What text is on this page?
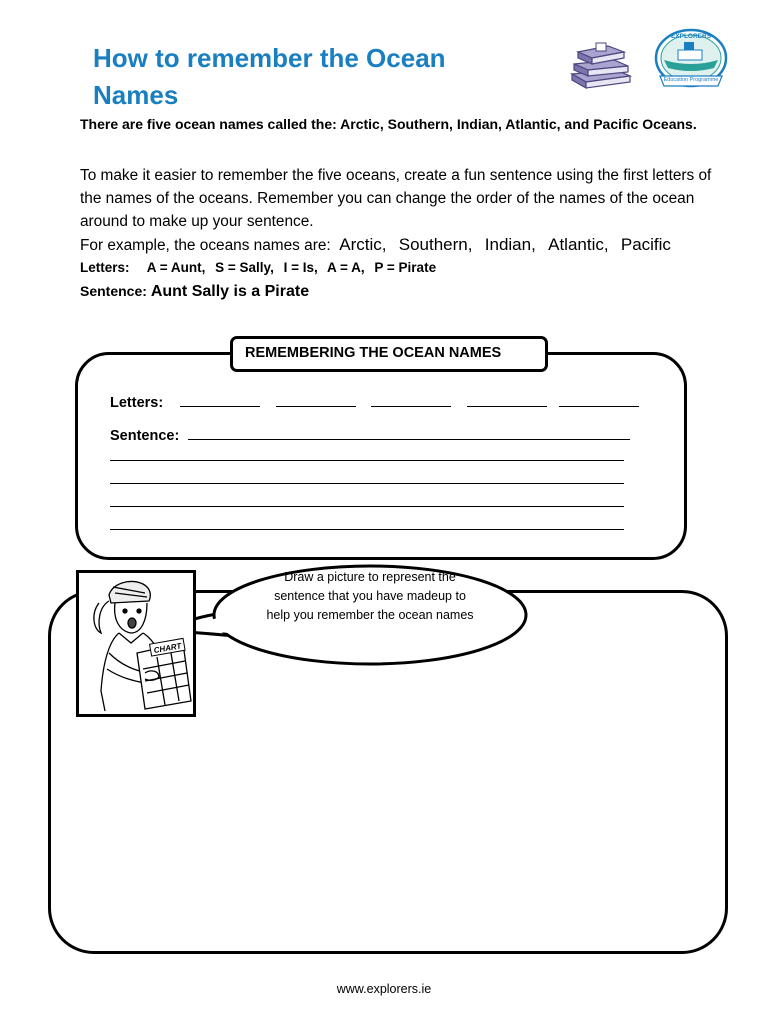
How to remember the Ocean Names
EXPLORERS
Education Programme
There are five ocean names called the: Arctic, Southern, Indian, Atlantic, and Pacific Oceans.
To make it easier to remember the five oceans, create a fun sentence using the first letters of the names of the oceans. Remember you can change the order of the names of the ocean around to make up your sentence.
For example, the oceans names are: Arctic, Southern, Indian, Atlantic, Pacific
Letters: A = Aunt, S = Sally, I = Is, A = A, P = Pirate
Sentence: Aunt Sally is a Pirate
REMEMBERING THE OCEAN NAMES
Letters:
Sentence:
Draw a picture to represent the sentence that you have madeup to help you remember the ocean names
CHART
www.explorers.ie
